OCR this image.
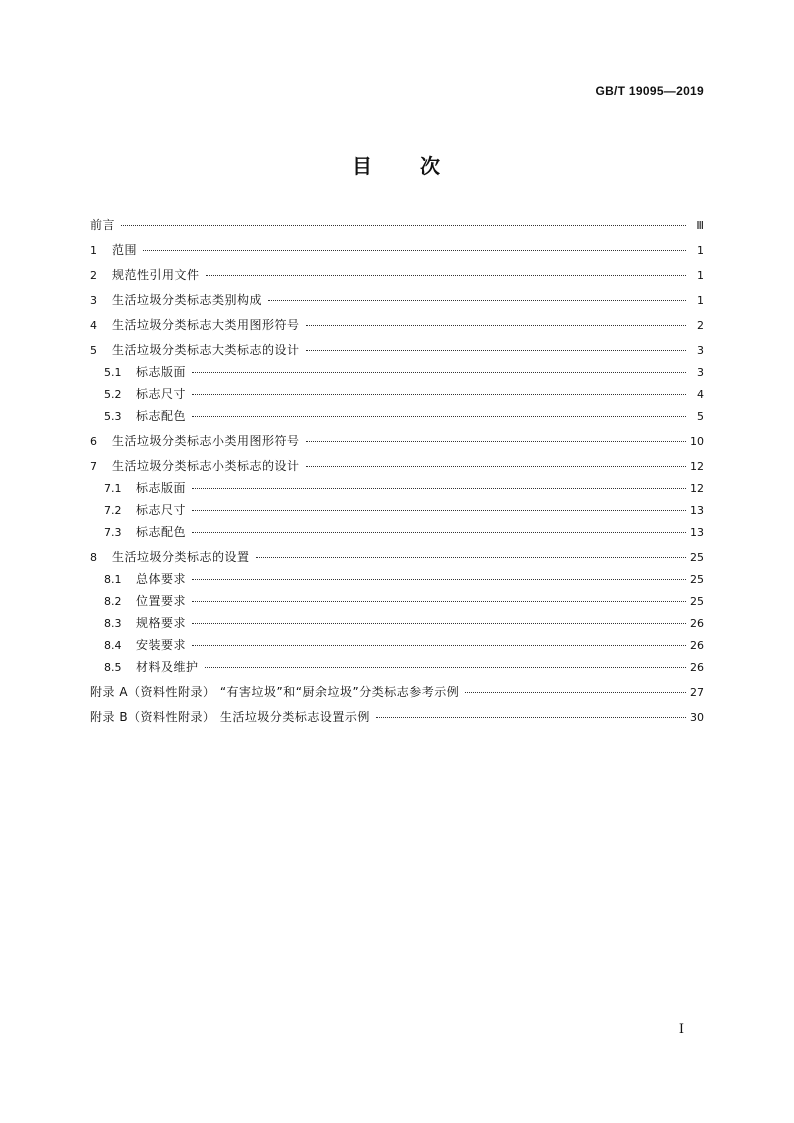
GB/T 19095—2019
目 次
前言	Ⅲ
1	范围	1
2	规范性引用文件	1
3	生活垃圾分类标志类别构成	1
4	生活垃圾分类标志大类用图形符号	2
5	生活垃圾分类标志大类标志的设计	3
5.1	标志版面	3
5.2	标志尺寸	4
5.3	标志配色	5
6	生活垃圾分类标志小类用图形符号	10
7	生活垃圾分类标志小类标志的设计	12
7.1	标志版面	12
7.2	标志尺寸	13
7.3	标志配色	13
8	生活垃圾分类标志的设置	25
8.1	总体要求	25
8.2	位置要求	25
8.3	规格要求	26
8.4	安装要求	26
8.5	材料及维护	26
附录 A（资料性附录） “有害垃圾”和“厨余垃圾”分类标志参考示例	27
附录 B（资料性附录） 生活垃圾分类标志设置示例	30
Ⅰ
